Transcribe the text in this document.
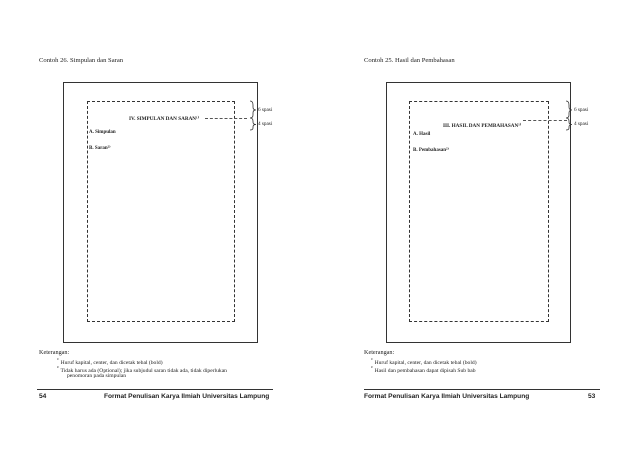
Contoh 26. Simpulan dan Saran
IV. SIMPULAN DAN SARAN¹⁾
A. Simpulan
B. Saran²⁾
6 spasi
4 spasi
Keterangan:
$^{^{1)}}$ Huruf kapital, center, dan dicetak tebal (bold)
$^{^{2)}}$ Tidak harus ada (Optional); jika subjudul saran tidak ada, tidak diperlukan
penomoran pada simpulan
54	Format Penulisan Karya Ilmiah Universitas Lampung
Contoh 25. Hasil dan Pembahasan
III. HASIL DAN PEMBAHASAN¹⁾
A. Hasil
B. Pembahasan²⁾
6 spasi
4 spasi
Keterangan:
$^{^{1)}}$ Huruf kapital, center, dan dicetak tebal (bold)
$^{^{2)}}$ Hasil dan pembahasan dapat dipisah Sub bab
Format Penulisan Karya Ilmiah Universitas Lampung	53
